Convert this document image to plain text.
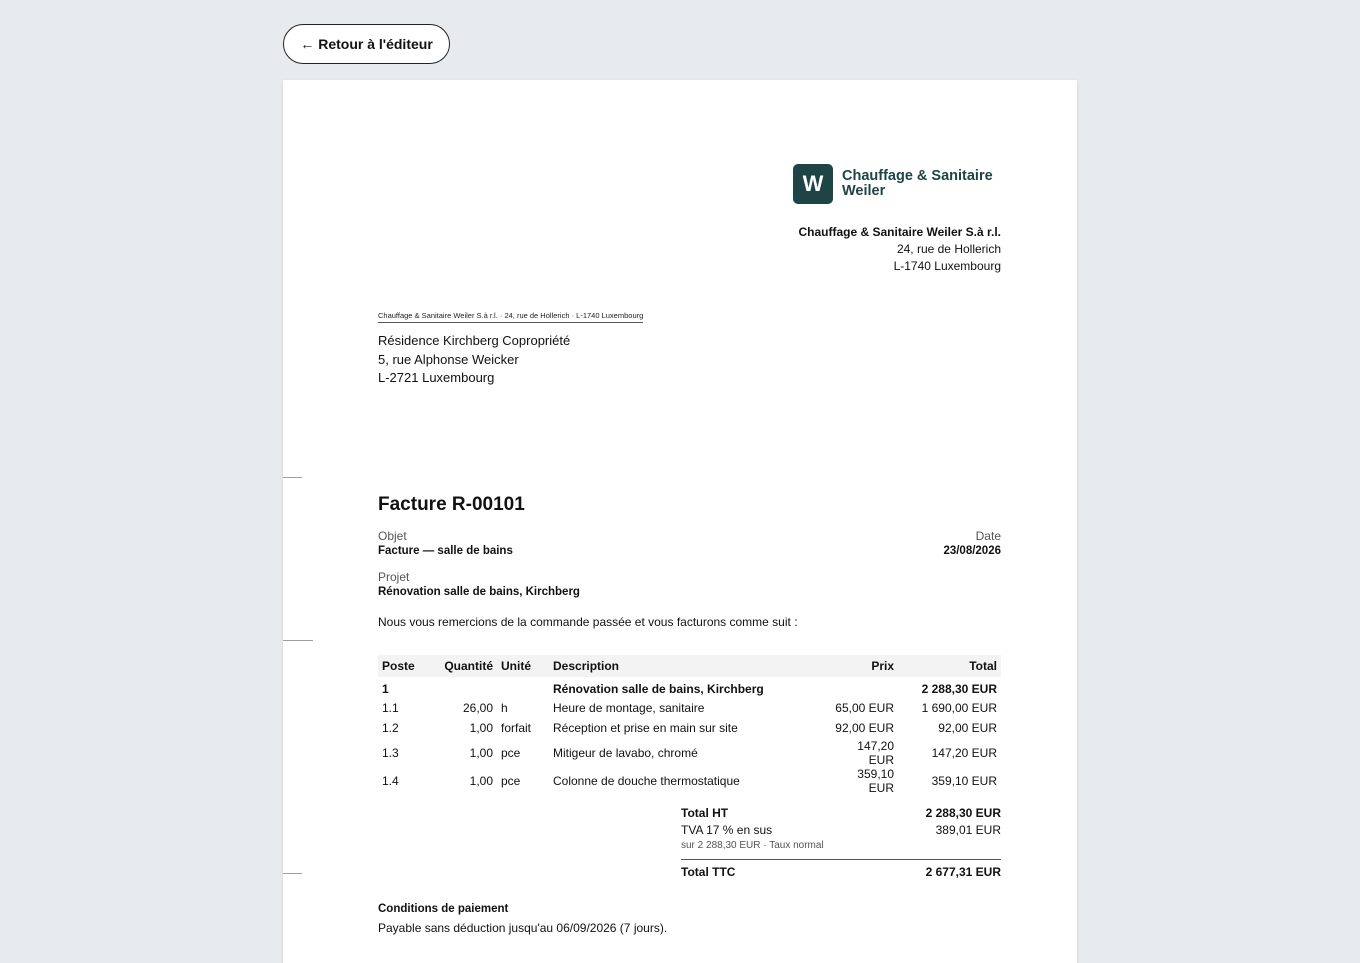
← Retour à l'éditeur
W	Chauffage & Sanitaire
Weiler
Chauffage & Sanitaire Weiler S.à r.l.
24, rue de Hollerich
L-1740 Luxembourg
Chauffage & Sanitaire Weiler S.à r.l. · 24, rue de Hollerich · L-1740 Luxembourg
Résidence Kirchberg Copropriété
5, rue Alphonse Weicker
L-2721 Luxembourg
Facture R-00101
Objet
Facture — salle de bains
Date
23/08/2026
Projet
Rénovation salle de bains, Kirchberg
Nous vous remercions de la commande passée et vous facturons comme suit :
Poste	Quantité	Unité	Description	Prix	Total
1			Rénovation salle de bains, Kirchberg		2 288,30 EUR
1.1	26,00	h	Heure de montage, sanitaire	65,00 EUR	1 690,00 EUR
1.2	1,00	forfait	Réception et prise en main sur site	92,00 EUR	92,00 EUR
1.3	1,00	pce	Mitigeur de lavabo, chromé	147,20 EUR	147,20 EUR
1.4	1,00	pce	Colonne de douche thermostatique	359,10 EUR	359,10 EUR
Total HT	2 288,30 EUR
TVA 17 % en sus	389,01 EUR
sur 2 288,30 EUR · Taux normal
Total TTC	2 677,31 EUR
Conditions de paiement
Payable sans déduction jusqu'au 06/09/2026 (7 jours).
